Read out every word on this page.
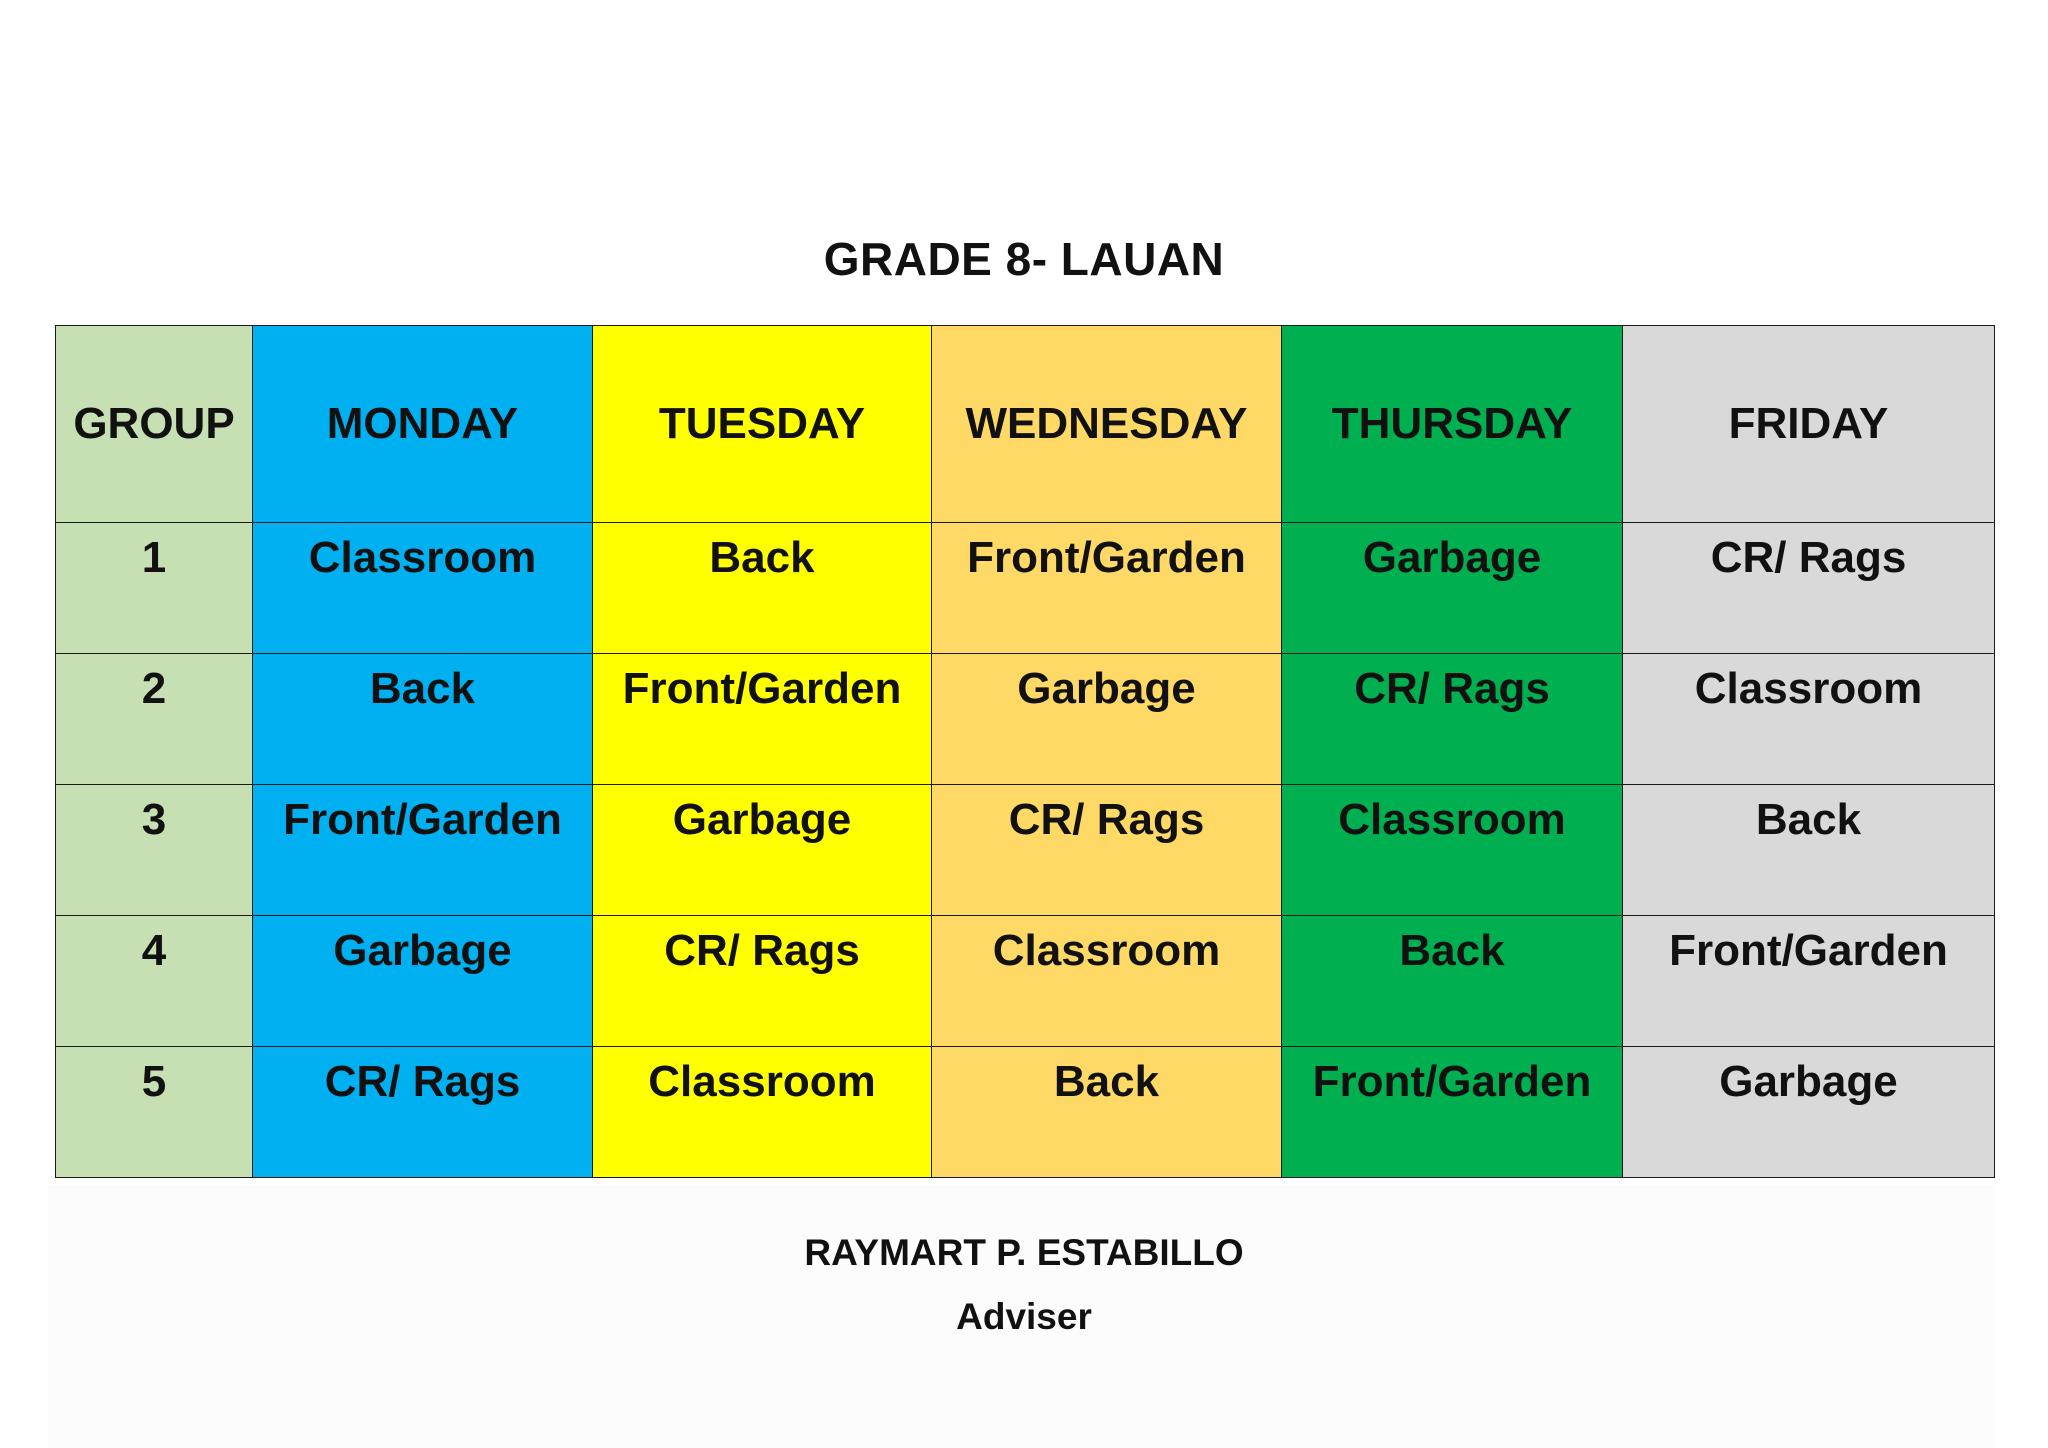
GRADE 8- LAUAN
GROUP	MONDAY	TUESDAY	WEDNESDAY	THURSDAY	FRIDAY
1	Classroom	Back	Front/Garden	Garbage	CR/ Rags
2	Back	Front/Garden	Garbage	CR/ Rags	Classroom
3	Front/Garden	Garbage	CR/ Rags	Classroom	Back
4	Garbage	CR/ Rags	Classroom	Back	Front/Garden
5	CR/ Rags	Classroom	Back	Front/Garden	Garbage
RAYMART P. ESTABILLO
Adviser
